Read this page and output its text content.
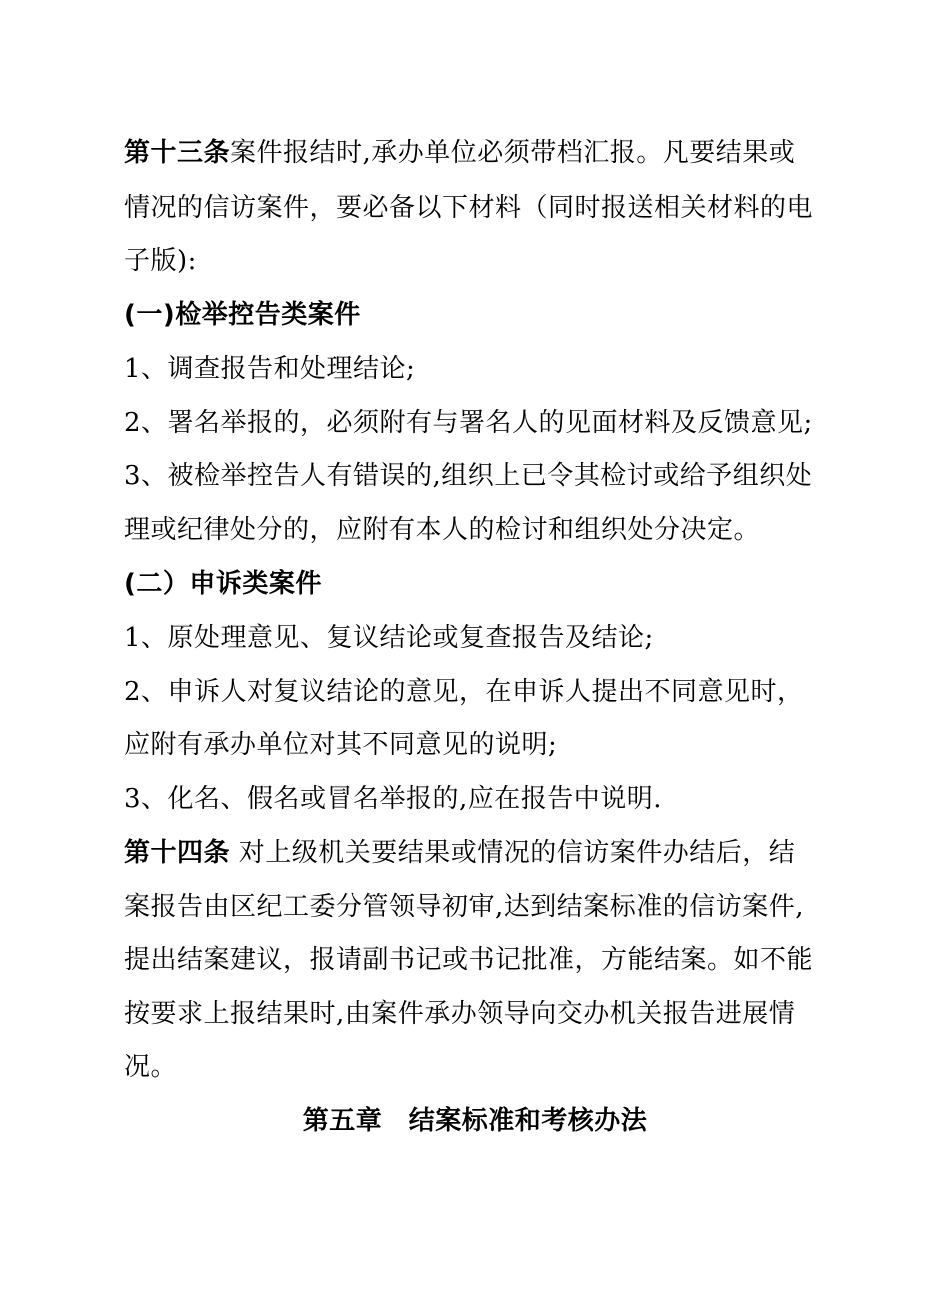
第十三条案件报结时,承办单位必须带档汇报。凡要结果或
情况的信访案件，要必备以下材料（同时报送相关材料的电
子版):
(一)检举控告类案件
1、调查报告和处理结论;
2、署名举报的，必须附有与署名人的见面材料及反馈意见;
3、被检举控告人有错误的,组织上已令其检讨或给予组织处
理或纪律处分的，应附有本人的检讨和组织处分决定。
(二）申诉类案件
1、原处理意见、复议结论或复查报告及结论;
2、申诉人对复议结论的意见，在申诉人提出不同意见时，
应附有承办单位对其不同意见的说明;
3、化名、假名或冒名举报的,应在报告中说明.
第十四条 对上级机关要结果或情况的信访案件办结后，结
案报告由区纪工委分管领导初审,达到结案标准的信访案件,
提出结案建议，报请副书记或书记批准，方能结案。如不能
按要求上报结果时,由案件承办领导向交办机关报告进展情
况。
第五章　结案标准和考核办法
